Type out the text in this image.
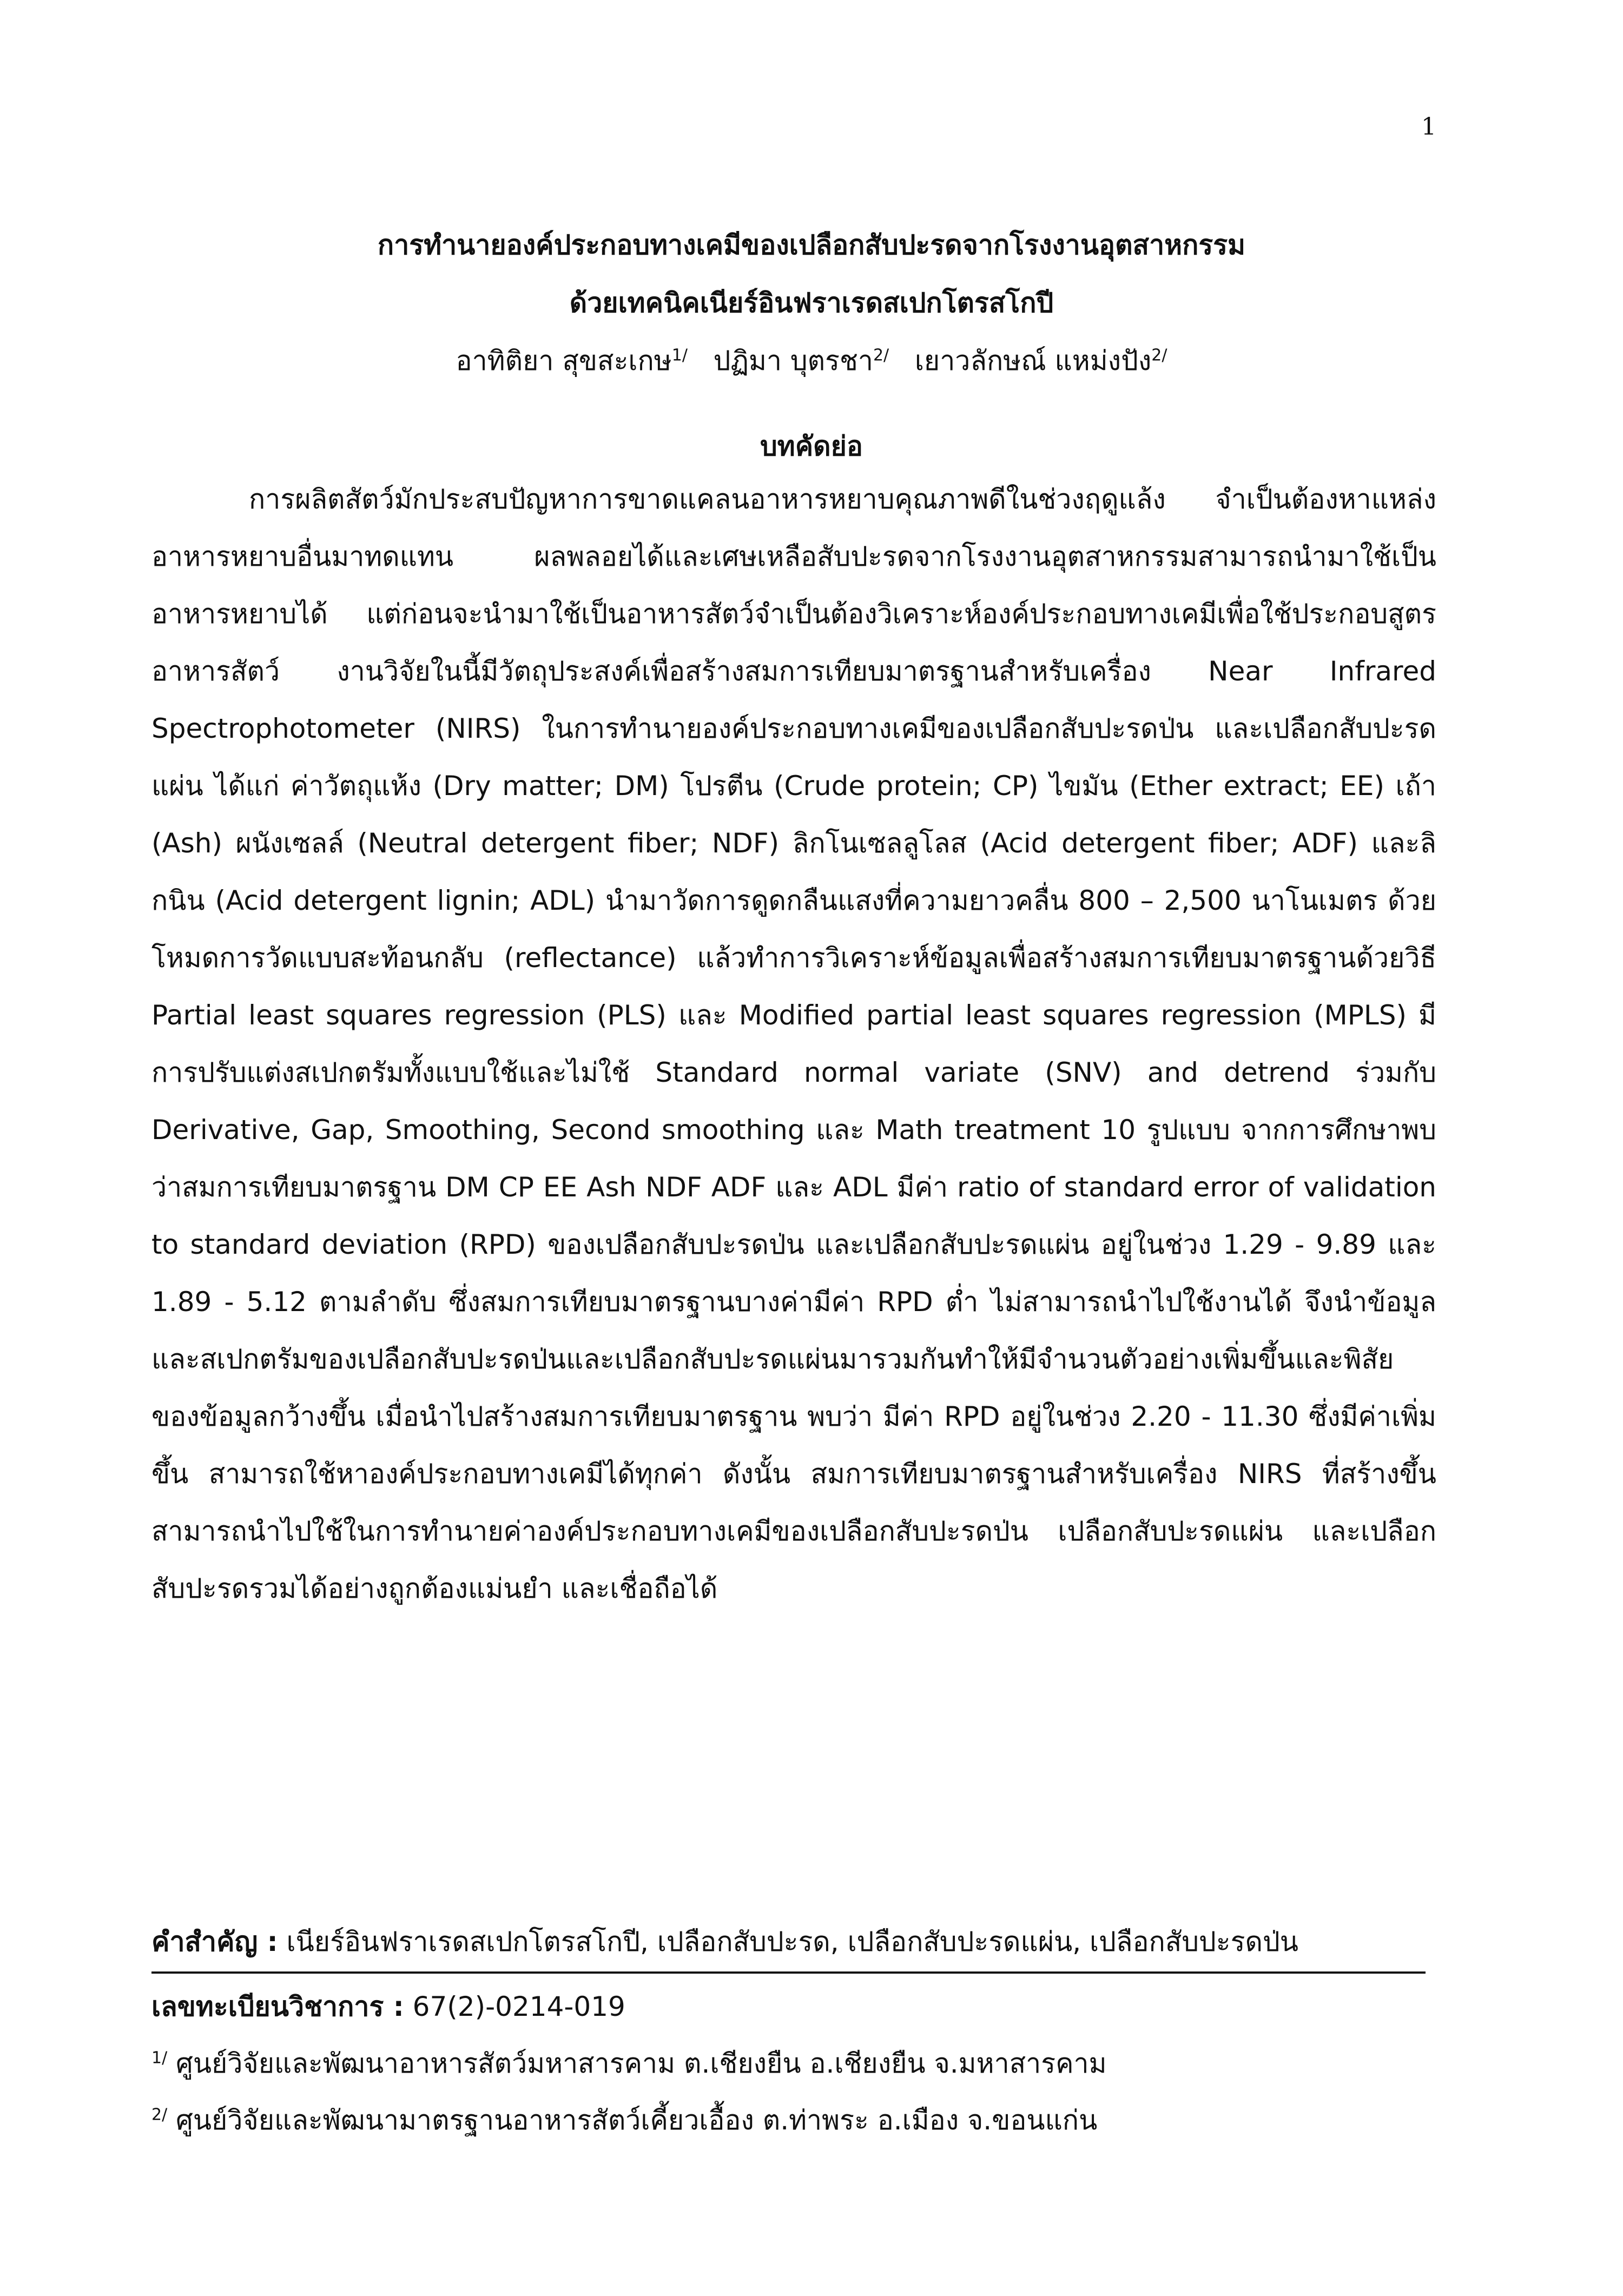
1
การทำนายองค์ประกอบทางเคมีของเปลือกสับปะรดจากโรงงานอุตสาหกรรม
ด้วยเทคนิคเนียร์อินฟราเรดสเปกโตรสโกปี
อาทิติยา สุขสะเกษ$^{1/}$ ปฏิมา บุตรชา$^{2/}$ เยาวลักษณ์ แหม่งปัง$^{2/}$
บทคัดย่อ

การผลิตสัตว์มักประสบปัญหาการขาดแคลนอาหารหยาบคุณภาพดีในช่วงฤดูแล้ง จำเป็นต้องหาแหล่งอาหารหยาบอื่นมาทดแทน ผลพลอยได้และเศษเหลือสับปะรดจากโรงงานอุตสาหกรรมสามารถนำมาใช้เป็นอาหารหยาบได้ แต่ก่อนจะนำมาใช้เป็นอาหารสัตว์จำเป็นต้องวิเคราะห์องค์ประกอบทางเคมีเพื่อใช้ประกอบสูตรอาหารสัตว์ งานวิจัยในนี้มีวัตถุประสงค์เพื่อสร้างสมการเทียบมาตรฐานสำหรับเครื่อง Near Infrared Spectrophotometer (NIRS) ในการทำนายองค์ประกอบทางเคมีของเปลือกสับปะรดป่น และเปลือกสับปะรดแผ่น ได้แก่ ค่าวัตถุแห้ง (Dry matter; DM) โปรตีน (Crude protein; CP) ไขมัน (Ether extract; EE) เถ้า (Ash) ผนังเซลล์ (Neutral detergent fiber; NDF) ลิกโนเซลลูโลส (Acid detergent fiber; ADF) และลิกนิน (Acid detergent lignin; ADL) นำมาวัดการดูดกลืนแสงที่ความยาวคลื่น 800 – 2,500 นาโนเมตร ด้วยโหมดการวัดแบบสะท้อนกลับ (reflectance) แล้วทำการวิเคราะห์ข้อมูลเพื่อสร้างสมการเทียบมาตรฐานด้วยวิธี Partial least squares regression (PLS) และ Modified partial least squares regression (MPLS) มีการปรับแต่งสเปกตรัมทั้งแบบใช้และไม่ใช้ Standard normal variate (SNV) and detrend ร่วมกับ Derivative, Gap, Smoothing, Second smoothing และ Math treatment 10 รูปแบบ จากการศึกษาพบว่าสมการเทียบมาตรฐาน DM CP EE Ash NDF ADF และ ADL มีค่า ratio of standard error of validation to standard deviation (RPD) ของเปลือกสับปะรดป่น และเปลือกสับปะรดแผ่น อยู่ในช่วง 1.29 - 9.89 และ 1.89 - 5.12 ตามลำดับ ซึ่งสมการเทียบมาตรฐานบางค่ามีค่า RPD ต่ำ ไม่สามารถนำไปใช้งานได้ จึงนำข้อมูลและสเปกตรัมของเปลือกสับปะรดป่นและเปลือกสับปะรดแผ่นมารวมกันทำให้มีจำนวนตัวอย่างเพิ่มขึ้นและพิสัยของข้อมูลกว้างขึ้น เมื่อนำไปสร้างสมการเทียบมาตรฐาน พบว่า มีค่า RPD อยู่ในช่วง 2.20 - 11.30 ซึ่งมีค่าเพิ่มขึ้น สามารถใช้หาองค์ประกอบทางเคมีได้ทุกค่า ดังนั้น สมการเทียบมาตรฐานสำหรับเครื่อง NIRS ที่สร้างขึ้น สามารถนำไปใช้ในการทำนายค่าองค์ประกอบทางเคมีของเปลือกสับปะรดป่น เปลือกสับปะรดแผ่น และเปลือกสับปะรดรวมได้อย่างถูกต้องแม่นยำ และเชื่อถือได้

คำสำคัญ : เนียร์อินฟราเรดสเปกโตรสโกปี, เปลือกสับปะรด, เปลือกสับปะรดแผ่น, เปลือกสับปะรดป่น
เลขทะเบียนวิชาการ : 67(2)-0214-019
$^{1/}$ ศูนย์วิจัยและพัฒนาอาหารสัตว์มหาสารคาม ต.เชียงยืน อ.เชียงยืน จ.มหาสารคาม
$^{2/}$ ศูนย์วิจัยและพัฒนามาตรฐานอาหารสัตว์เคี้ยวเอื้อง ต.ท่าพระ อ.เมือง จ.ขอนแก่น
